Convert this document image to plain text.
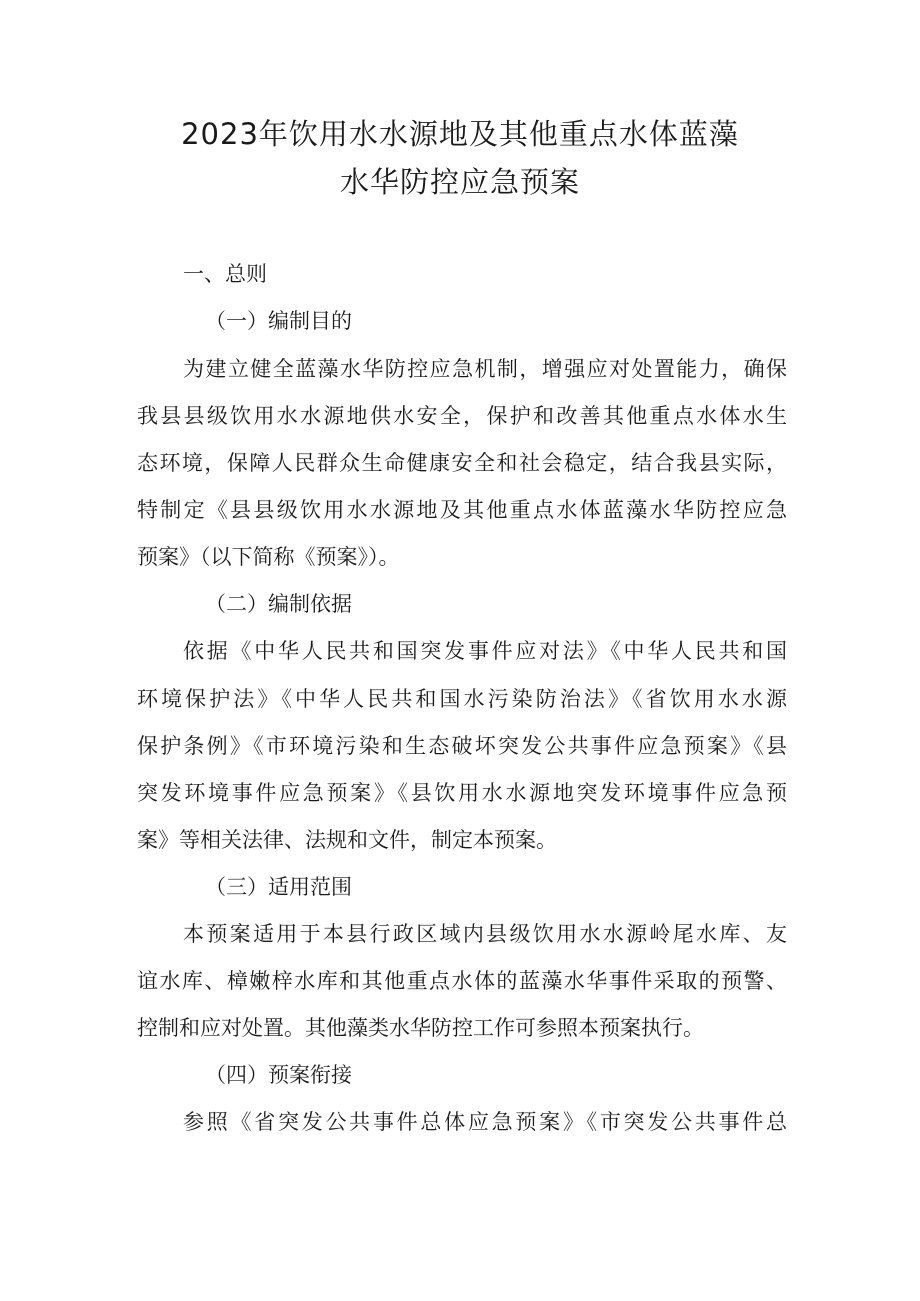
2023年饮用水水源地及其他重点水体蓝藻
水华防控应急预案
一、总则
（一）编制目的
为建立健全蓝藻水华防控应急机制，增强应对处置能力，确保
我县县级饮用水水源地供水安全，保护和改善其他重点水体水生
态环境，保障人民群众生命健康安全和社会稳定，结合我县实际，
特制定《县县级饮用水水源地及其他重点水体蓝藻水华防控应急
预案》（以下简称《预案》）。
（二）编制依据
依据《中华人民共和国突发事件应对法》《中华人民共和国
环境保护法》《中华人民共和国水污染防治法》《省饮用水水源
保护条例》《市环境污染和生态破坏突发公共事件应急预案》《县
突发环境事件应急预案》《县饮用水水源地突发环境事件应急预
案》等相关法律、法规和文件，制定本预案。
（三）适用范围
本预案适用于本县行政区域内县级饮用水水源岭尾水库、友
谊水库、樟嫩梓水库和其他重点水体的蓝藻水华事件采取的预警、
控制和应对处置。其他藻类水华防控工作可参照本预案执行。
（四）预案衔接
参照《省突发公共事件总体应急预案》《市突发公共事件总
